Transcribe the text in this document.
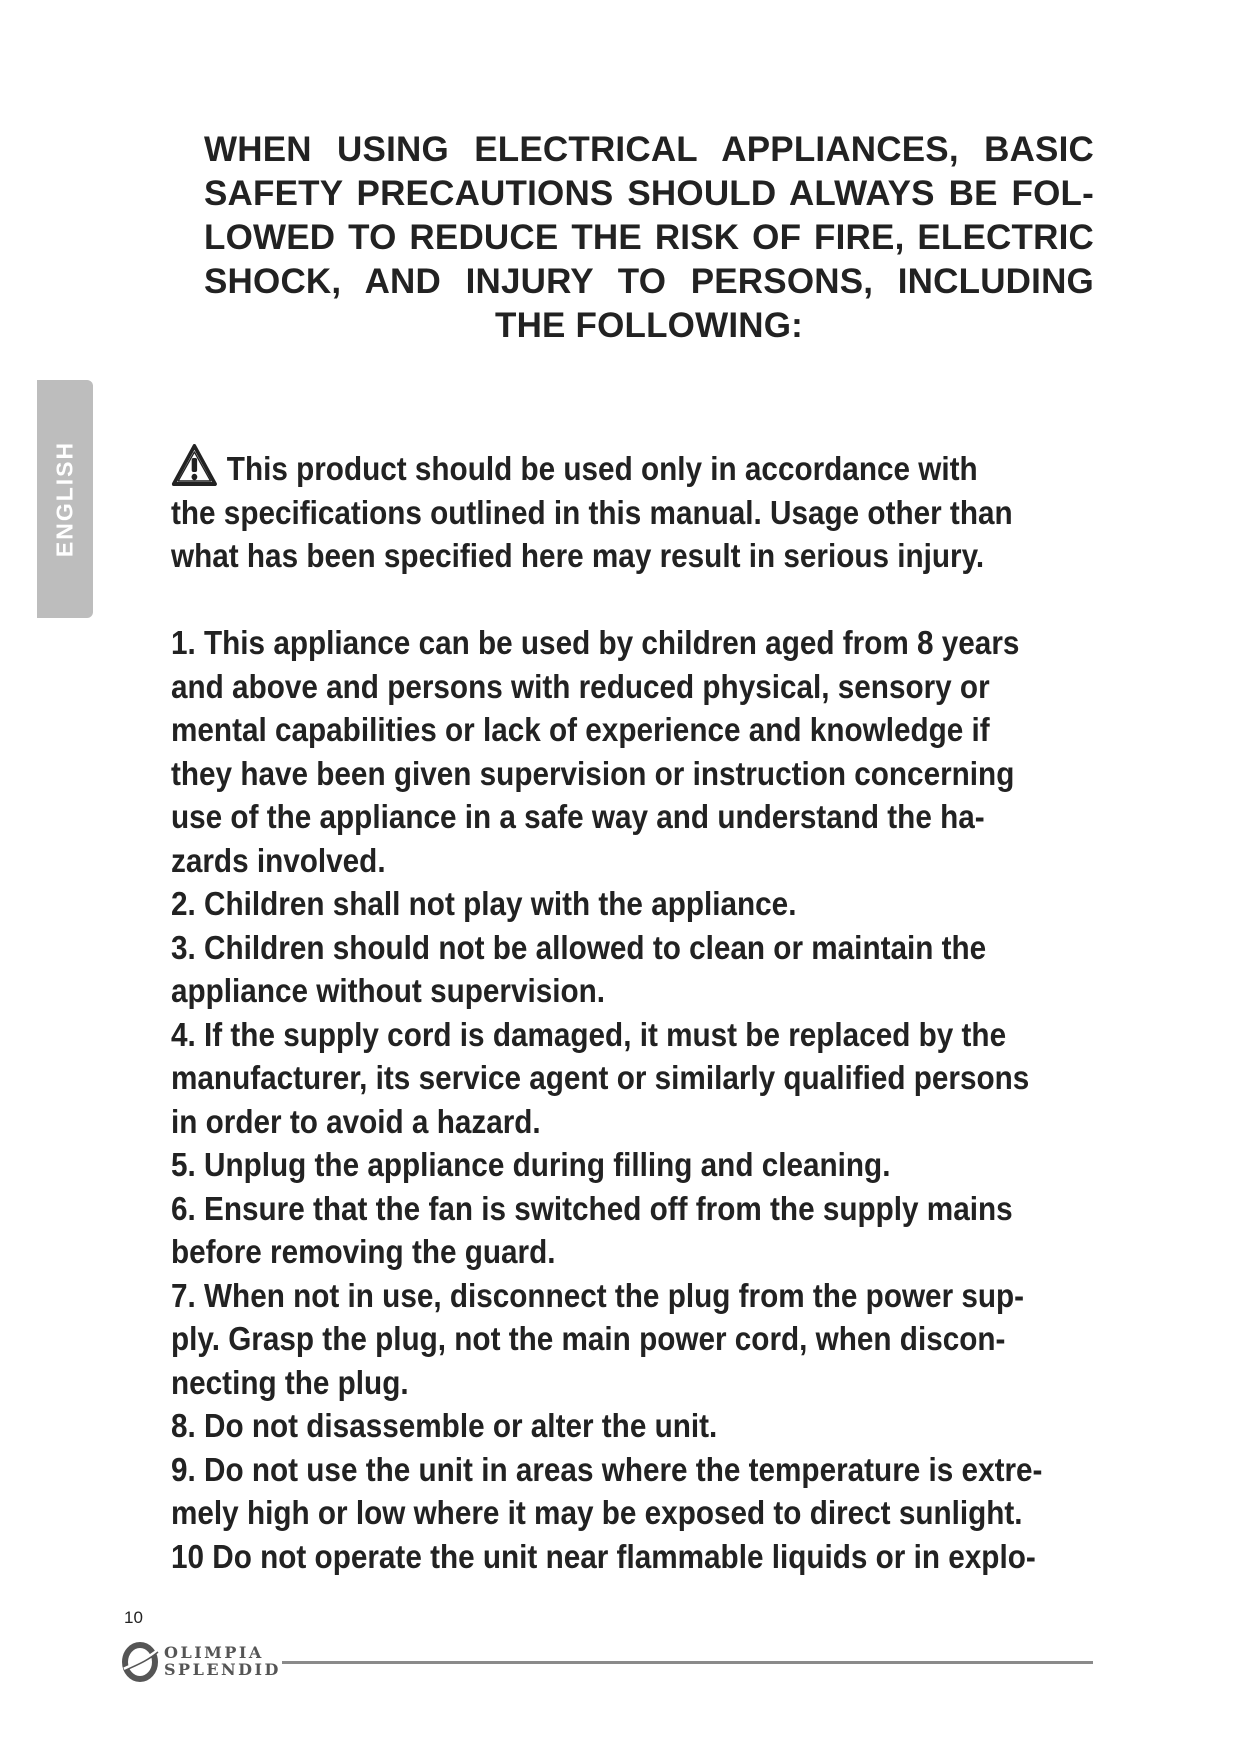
WHEN USING ELECTRICAL APPLIANCES, BASIC SAFETY PRECAUTIONS SHOULD ALWAYS BE FOL-LOWED TO REDUCE THE RISK OF FIRE, ELECTRIC SHOCK, AND INJURY TO PERSONS, INCLUDING THE FOLLOWING:
ENGLISH	This product should be used only in accordance with
the specifications outlined in this manual. Usage other than
what has been specified here may result in serious injury.
1. This appliance can be used by children aged from 8 years
and above and persons with reduced physical, sensory or
mental capabilities or lack of experience and knowledge if
they have been given supervision or instruction concerning
use of the appliance in a safe way and understand the ha-
zards involved.
2. Children shall not play with the appliance.
3. Children should not be allowed to clean or maintain the
appliance without supervision.
4. If the supply cord is damaged, it must be replaced by the
manufacturer, its service agent or similarly qualified persons
in order to avoid a hazard.
5. Unplug the appliance during filling and cleaning.
6. Ensure that the fan is switched off from the supply mains
before removing the guard.
7. When not in use, disconnect the plug from the power sup-
ply. Grasp the plug, not the main power cord, when discon-
necting the plug.
8. Do not disassemble or alter the unit.
9. Do not use the unit in areas where the temperature is extre-
mely high or low where it may be exposed to direct sunlight.
10 Do not operate the unit near flammable liquids or in explo-
10
OLIMPIA
SPLENDID
